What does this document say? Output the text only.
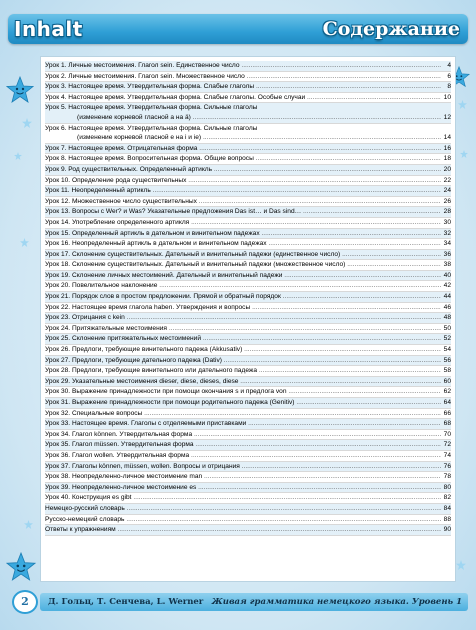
Inhalt	Содержание
Урок 1. Личные местоимения. Глагол sein. Единственное число .....	4
Урок 2. Личные местоимения. Глагол sein. Множественное число .....	6
Урок 3. Настоящее время. Утвердительная форма. Слабые глаголы .....	8
Урок 4. Настоящее время. Утвердительная форма. Слабые глаголы. Особые случаи .....	10
Урок 5. Настоящее время. Утвердительная форма. Сильные глаголы
(изменение корневой гласной a на ä) .....	12
Урок 6. Настоящее время. Утвердительная форма. Сильные глаголы
(изменение корневой гласной e на i и ie) .....	14
Урок 7. Настоящее время. Отрицательная форма .....	16
Урок 8. Настоящее время. Вопросительная форма. Общие вопросы .....	18
Урок 9. Род существительных. Определенный артикль .....	20
Урок 10. Определение рода существительных .....	22
Урок 11. Неопределенный артикль .....	24
Урок 12. Множественное число существительных .....	26
Урок 13. Вопросы с Wer? и Was? Указательные предложения Das ist… и Das sind… .....	28
Урок 14. Употребление определенного артикля .....	30
Урок 15. Определенный артикль в дательном и винительном падежах .....	32
Урок 16. Неопределенный артикль в дательном и винительном падежах .....	34
Урок 17. Склонение существительных. Дательный и винительный падежи (единственное число) .....	36
Урок 18. Склонение существительных. Дательный и винительный падежи (множественное число) .....	38
Урок 19. Склонение личных местоимений. Дательный и винительный падежи .....	40
Урок 20. Повелительное наклонение .....	42
Урок 21. Порядок слов в простом предложении. Прямой и обратный порядок .....	44
Урок 22. Настоящее время глагола haben. Утверждения и вопросы .....	46
Урок 23. Отрицания с kein .....	48
Урок 24. Притяжательные местоимения .....	50
Урок 25. Склонение притяжательных местоимений .....	52
Урок 26. Предлоги, требующие винительного падежа (Akkusativ) .....	54
Урок 27. Предлоги, требующие дательного падежа (Dativ) .....	56
Урок 28. Предлоги, требующие винительного или дательного падежа .....	58
Урок 29. Указательные местоимения dieser, diese, dieses, diese .....	60
Урок 30. Выражение принадлежности при помощи окончания s и предлога von .....	62
Урок 31. Выражение принадлежности при помощи родительного падежа (Genitiv) .....	64
Урок 32. Специальные вопросы .....	66
Урок 33. Настоящее время. Глаголы с отделяемыми приставками .....	68
Урок 34. Глагол können. Утвердительная форма .....	70
Урок 35. Глагол müssen. Утвердительная форма .....	72
Урок 36. Глагол wollen. Утвердительная форма .....	74
Урок 37. Глаголы können, müssen, wollen. Вопросы и отрицания .....	76
Урок 38. Неопределенно-личное местоимение man .....	78
Урок 39. Неопределенно-личное местоимение es .....	80
Урок 40. Конструкция es gibt .....	82
Немецко-русский словарь .....	84
Русско-немецкий словарь .....	88
Ответы к упражнениям .....	90
2	Д. Гольц, Т. Сенчева, L. Werner Живая грамматика немецкого языка. Уровень 1
